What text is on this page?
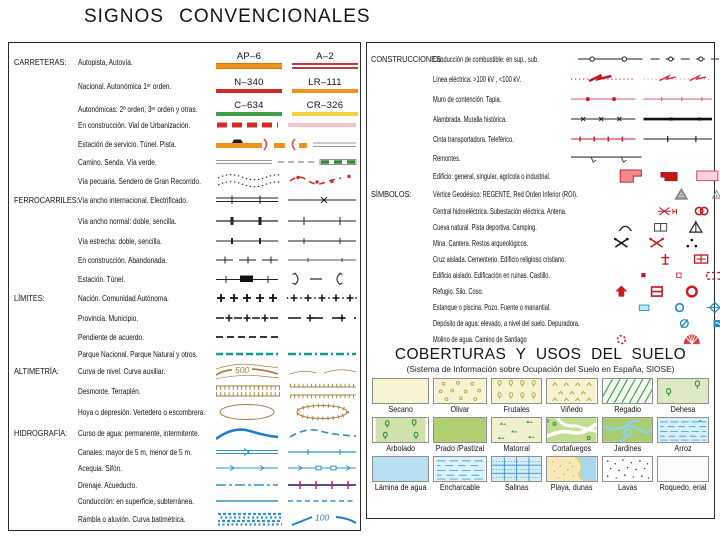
SIGNOS CONVENCIONALES
CARRETERAS:	Autopista, Autovía.
AP–6	A–2
Nacional. Autonómica 1ᵉʳ orden.	N–340	LR–111
Autonómicas: 2º orden, 3ᵉʳ orden y otras.	C–634	CR–326
En construcción. Vial de Urbanización.
Estación de servicio. Túnel. Pista.
Camino. Senda. Vía verde.
Vía pecuaria. Sendero de Gran Recorrido.
FERROCARRILES: Vía ancho internacional. Electrificado.
Vía ancho normal: doble, sencilla.
Vía estrecha: doble, sencilla.
En construcción. Abandonada.
Estación. Túnel.
LÍMITES:	Nación. Comunidad Autónoma.
Provincia. Municipio.
Pendiente de acuerdo.
Parque Nacional. Parque Natural y otros.
ALTIMETRÍA:	Curva de nivel. Curva auxiliar.	500
Desmonte. Terraplén.
Hoya o depresión. Vertedero o escombrera.
HIDROGRAFÍA:	Curso de agua: permanente, intermitente.
Canales: mayor de 5 m, menor de 5 m.
Acequia. Sifón.
Drenaje. Acueducto.
Conducción: en superficie, subterránea.
Rambla o aluvión. Curva batimétrica.	100
CONSTRUCCIONES:
Conducción de combustible: en sup., sub.
Línea eléctrica: >100 kV , <100 kV.
Muro de contención. Tapia.
Alambrada. Muralla histórica.
Cinta transportadora. Teleférico.
Remontes.
Edificio: general, singular, agrícola o industrial.
SÍMBOLOS:	Vértice Geodésico: REGENTE, Red Orden Inferior (ROI).
Central hidroeléctrica. Subestación eléctrica. Antena.
Cueva natural. Pista deportiva. Camping.
Mina. Cantera. Restos arqueológicos.
Cruz aislada. Cementerio. Edificio religioso cristiano.
Edificio aislado. Edificación en ruinas. Castillo.
Refugio. Silo. Coso.
Estanque o piscina. Pozo. Fuente o manantial.
Depósito de agua: elevado, a nivel del suelo. Depuradora.
Molino de agua. Camino de Santiago
COBERTURAS Y USOS DEL SUELO
(Sistema de Información sobre Ocupación del Suelo en España, SIOSE)
Secano	Olivar	Frutales	Viñedo	Regadio	Dehesa
Arbolado	Prado /Pastizal	Matorral	Cortafuegos	Jardines	Arroz
Lámina de agua	Encharcable	Salinas	Playa, dunas	Lavas	Roquedo, erial
